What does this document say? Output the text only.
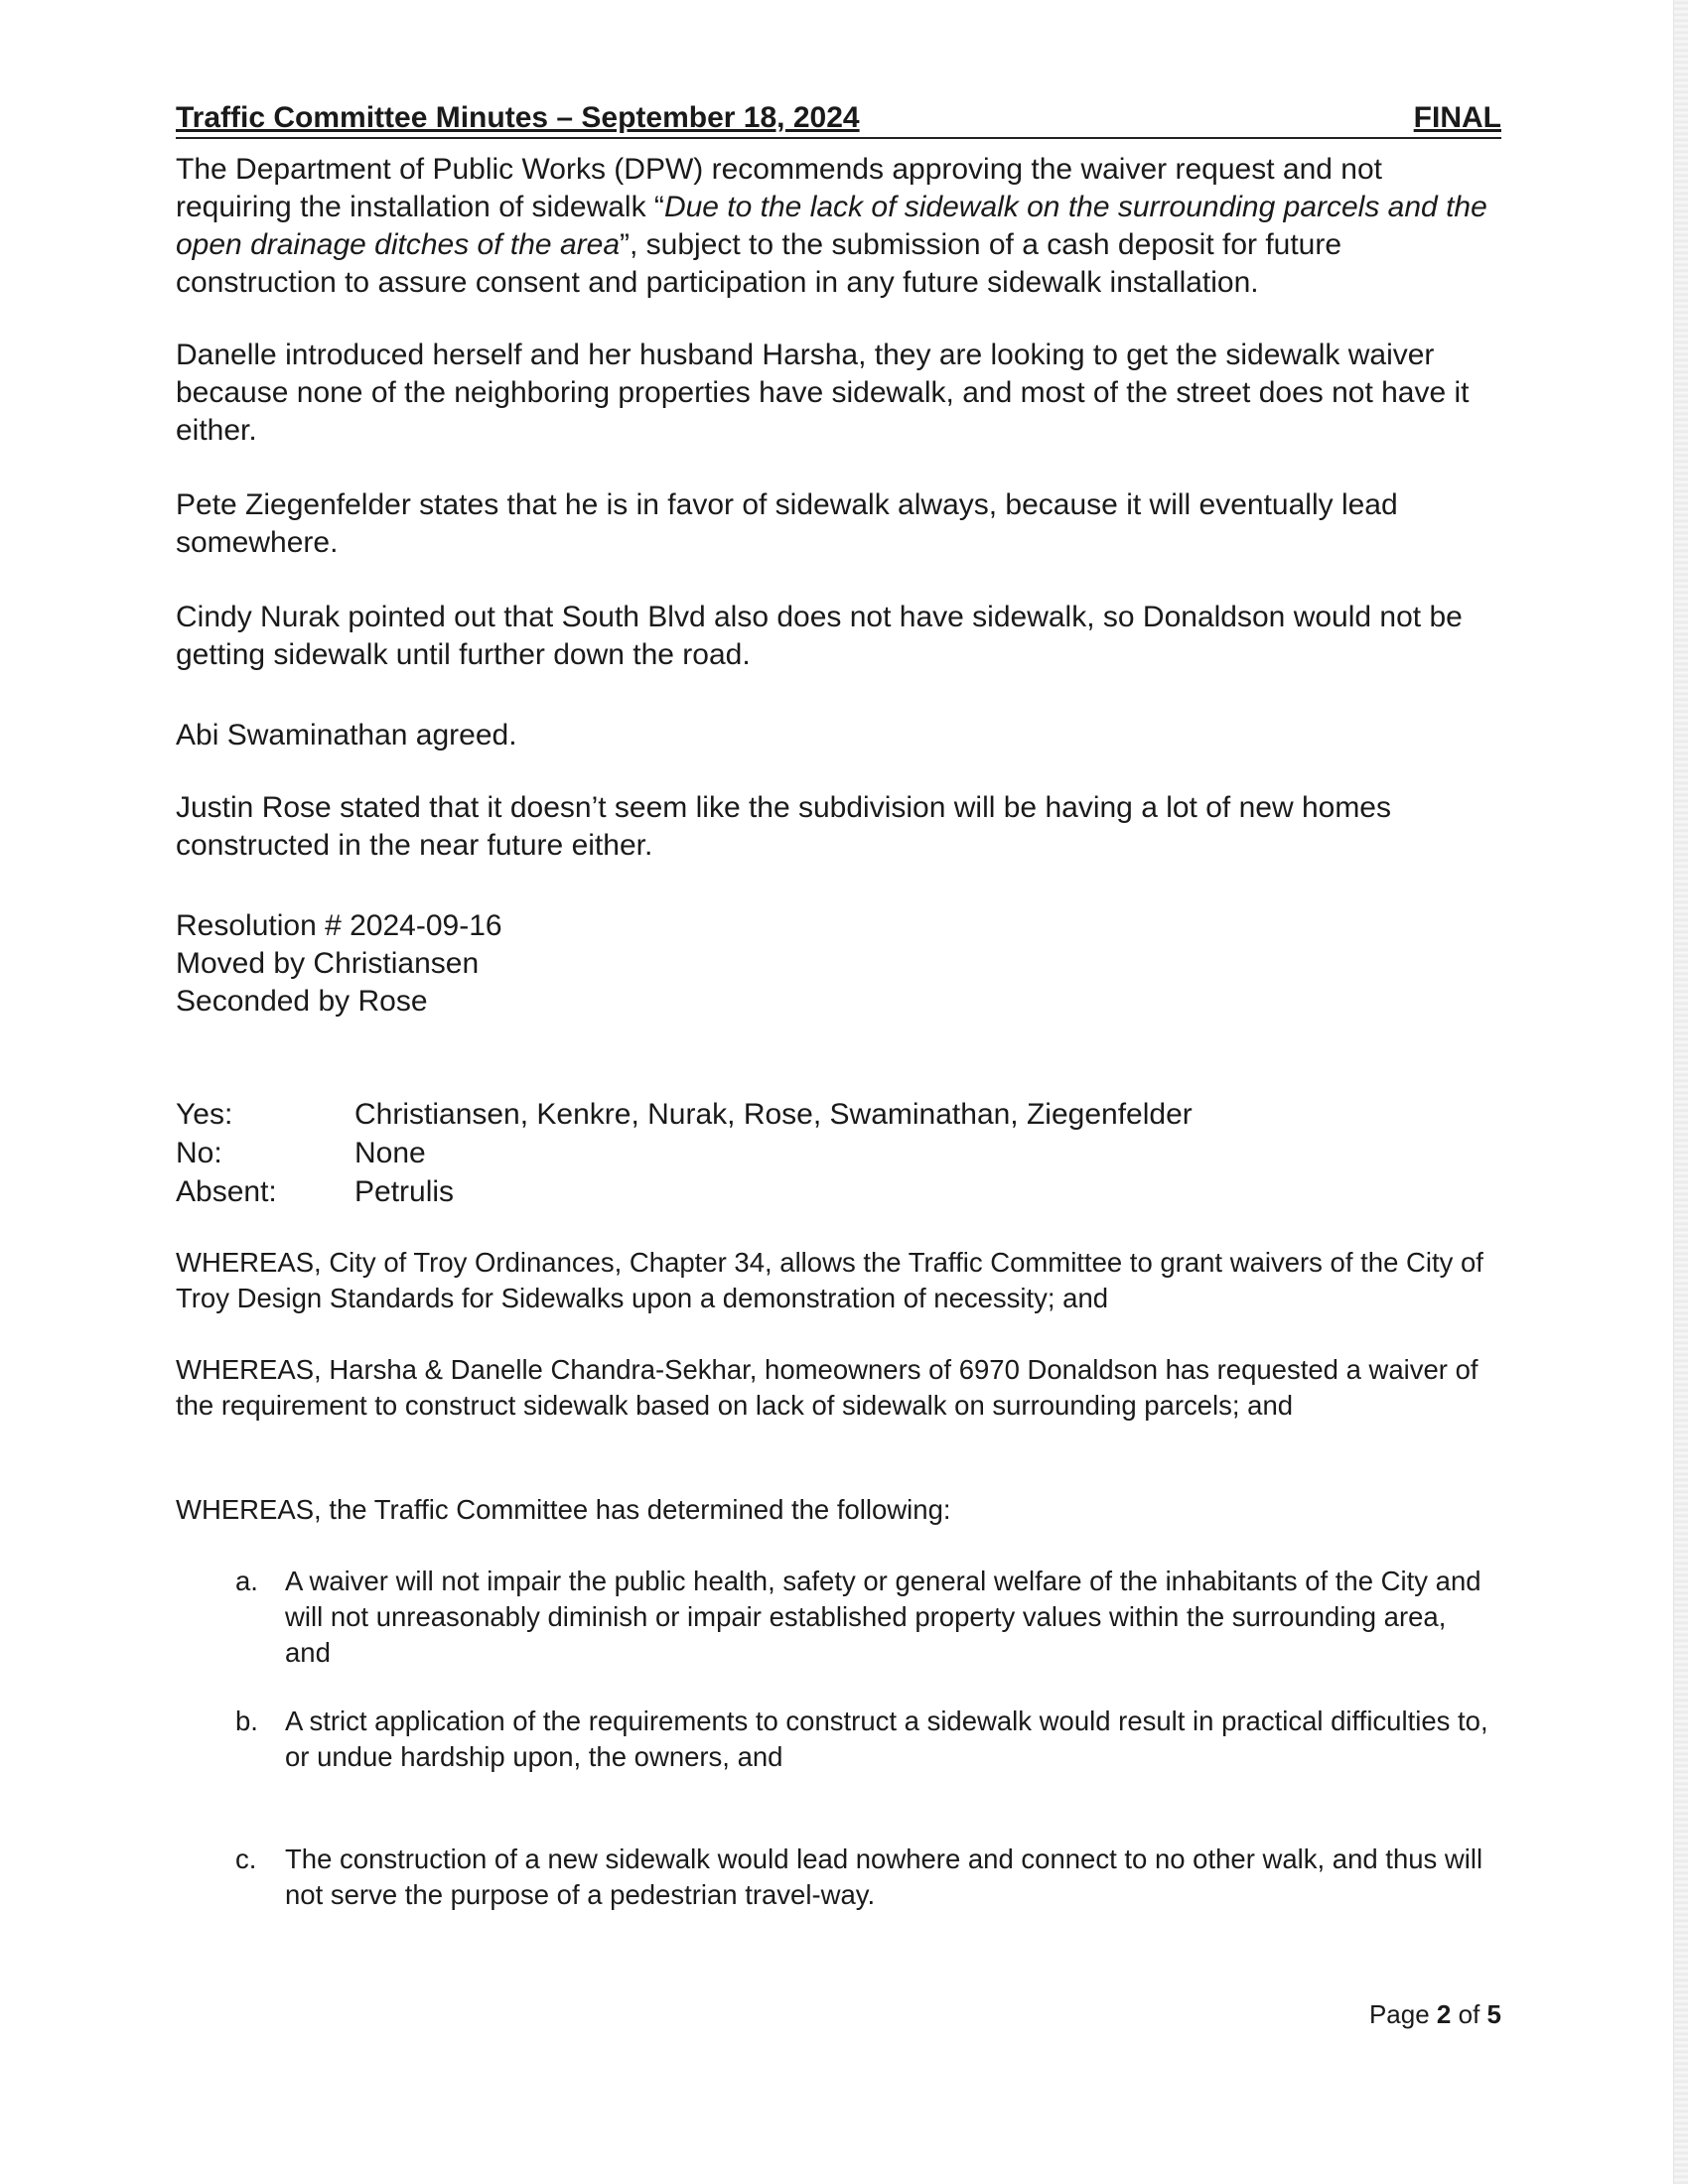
Traffic Committee Minutes – September 18, 2024	FINAL

The Department of Public Works (DPW) recommends approving the waiver request and not requiring the installation of sidewalk “Due to the lack of sidewalk on the surrounding parcels and the open drainage ditches of the area”, subject to the submission of a cash deposit for future construction to assure consent and participation in any future sidewalk installation.

Danelle introduced herself and her husband Harsha, they are looking to get the sidewalk waiver because none of the neighboring properties have sidewalk, and most of the street does not have it either.

Pete Ziegenfelder states that he is in favor of sidewalk always, because it will eventually lead somewhere.

Cindy Nurak pointed out that South Blvd also does not have sidewalk, so Donaldson would not be getting sidewalk until further down the road.

Abi Swaminathan agreed.

Justin Rose stated that it doesn’t seem like the subdivision will be having a lot of new homes constructed in the near future either.

Resolution # 2024-09-16
Moved by Christiansen
Seconded by Rose
Yes:	Christiansen, Kenkre, Nurak, Rose, Swaminathan, Ziegenfelder
No:	None
Absent:	Petrulis

WHEREAS, City of Troy Ordinances, Chapter 34, allows the Traffic Committee to grant waivers of the City of Troy Design Standards for Sidewalks upon a demonstration of necessity; and

WHEREAS, Harsha & Danelle Chandra-Sekhar, homeowners of 6970 Donaldson has requested a waiver of the requirement to construct sidewalk based on lack of sidewalk on surrounding parcels; and

WHEREAS, the Traffic Committee has determined the following:

a. A waiver will not impair the public health, safety or general welfare of the inhabitants of the City and will not unreasonably diminish or impair established property values within the surrounding area, and
b. A strict application of the requirements to construct a sidewalk would result in practical difficulties to, or undue hardship upon, the owners, and
c. The construction of a new sidewalk would lead nowhere and connect to no other walk, and thus will not serve the purpose of a pedestrian travel-way.
Page 2 of 5
